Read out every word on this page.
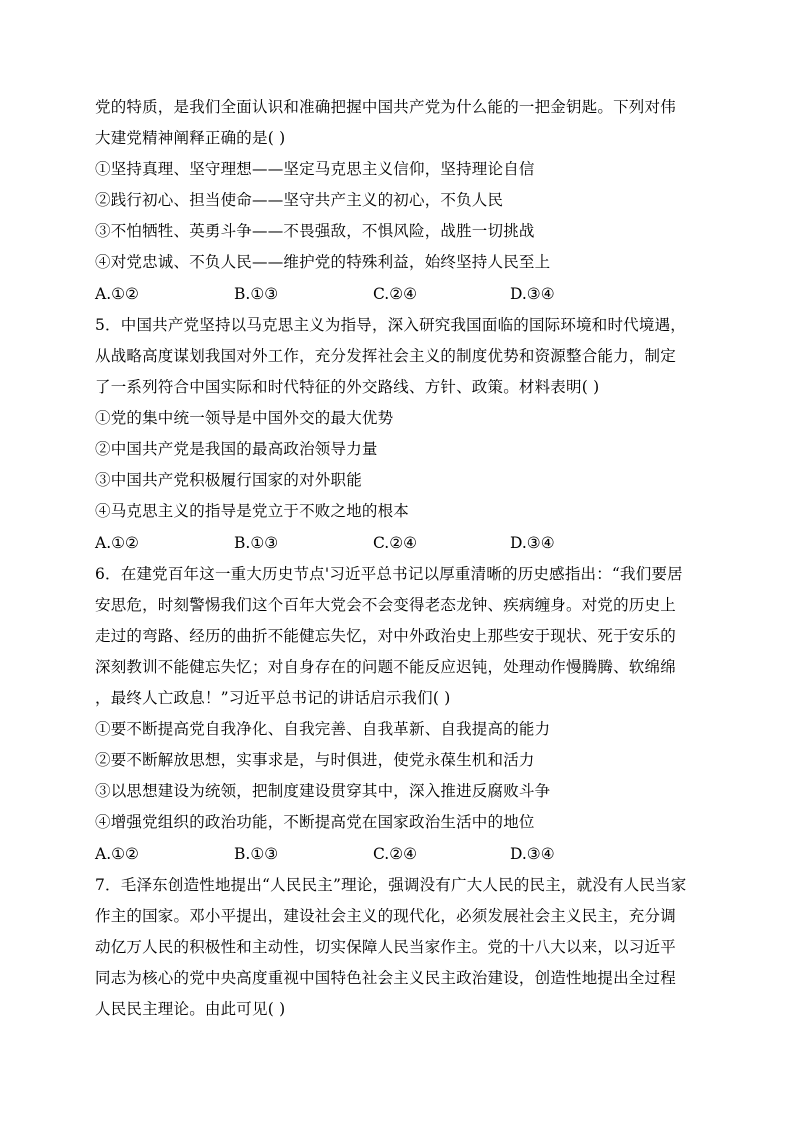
党的特质，是我们全面认识和准确把握中国共产党为什么能的一把金钥匙。下列对伟
大建党精神阐释正确的是( )
①坚持真理、坚守理想——坚定马克思主义信仰，坚持理论自信
②践行初心、担当使命——坚守共产主义的初心，不负人民
③不怕牺牲、英勇斗争——不畏强敌，不惧风险，战胜一切挑战
④对党忠诚、不负人民——维护党的特殊利益，始终坚持人民至上
A.①②	B.①③	C.②④	D.③④
5．中国共产党坚持以马克思主义为指导，深入研究我国面临的国际环境和时代境遇，
从战略高度谋划我国对外工作，充分发挥社会主义的制度优势和资源整合能力，制定
了一系列符合中国实际和时代特征的外交路线、方针、政策。材料表明( )
①党的集中统一领导是中国外交的最大优势
②中国共产党是我国的最高政治领导力量
③中国共产党积极履行国家的对外职能
④马克思主义的指导是党立于不败之地的根本
A.①②	B.①③	C.②④	D.③④
6．在建党百年这一重大历史节点'习近平总书记以厚重清晰的历史感指出：“我们要居
安思危，时刻警惕我们这个百年大党会不会变得老态龙钟、疾病缠身。对党的历史上
走过的弯路、经历的曲折不能健忘失忆，对中外政治史上那些安于现状、死于安乐的
深刻教训不能健忘失忆；对自身存在的问题不能反应迟钝，处理动作慢腾腾、软绵绵
，最终人亡政息！”习近平总书记的讲话启示我们( )
①要不断提高党自我净化、自我完善、自我革新、自我提高的能力
②要不断解放思想，实事求是，与时俱进，使党永葆生机和活力
③以思想建设为统领，把制度建设贯穿其中，深入推进反腐败斗争
④增强党组织的政治功能，不断提高党在国家政治生活中的地位
A.①②	B.①③	C.②④	D.③④
7．毛泽东创造性地提出“人民民主”理论，强调没有广大人民的民主，就没有人民当家
作主的国家。邓小平提出，建设社会主义的现代化，必须发展社会主义民主，充分调
动亿万人民的积极性和主动性，切实保障人民当家作主。党的十八大以来，以习近平
同志为核心的党中央高度重视中国特色社会主义民主政治建设，创造性地提出全过程
人民民主理论。由此可见( )
